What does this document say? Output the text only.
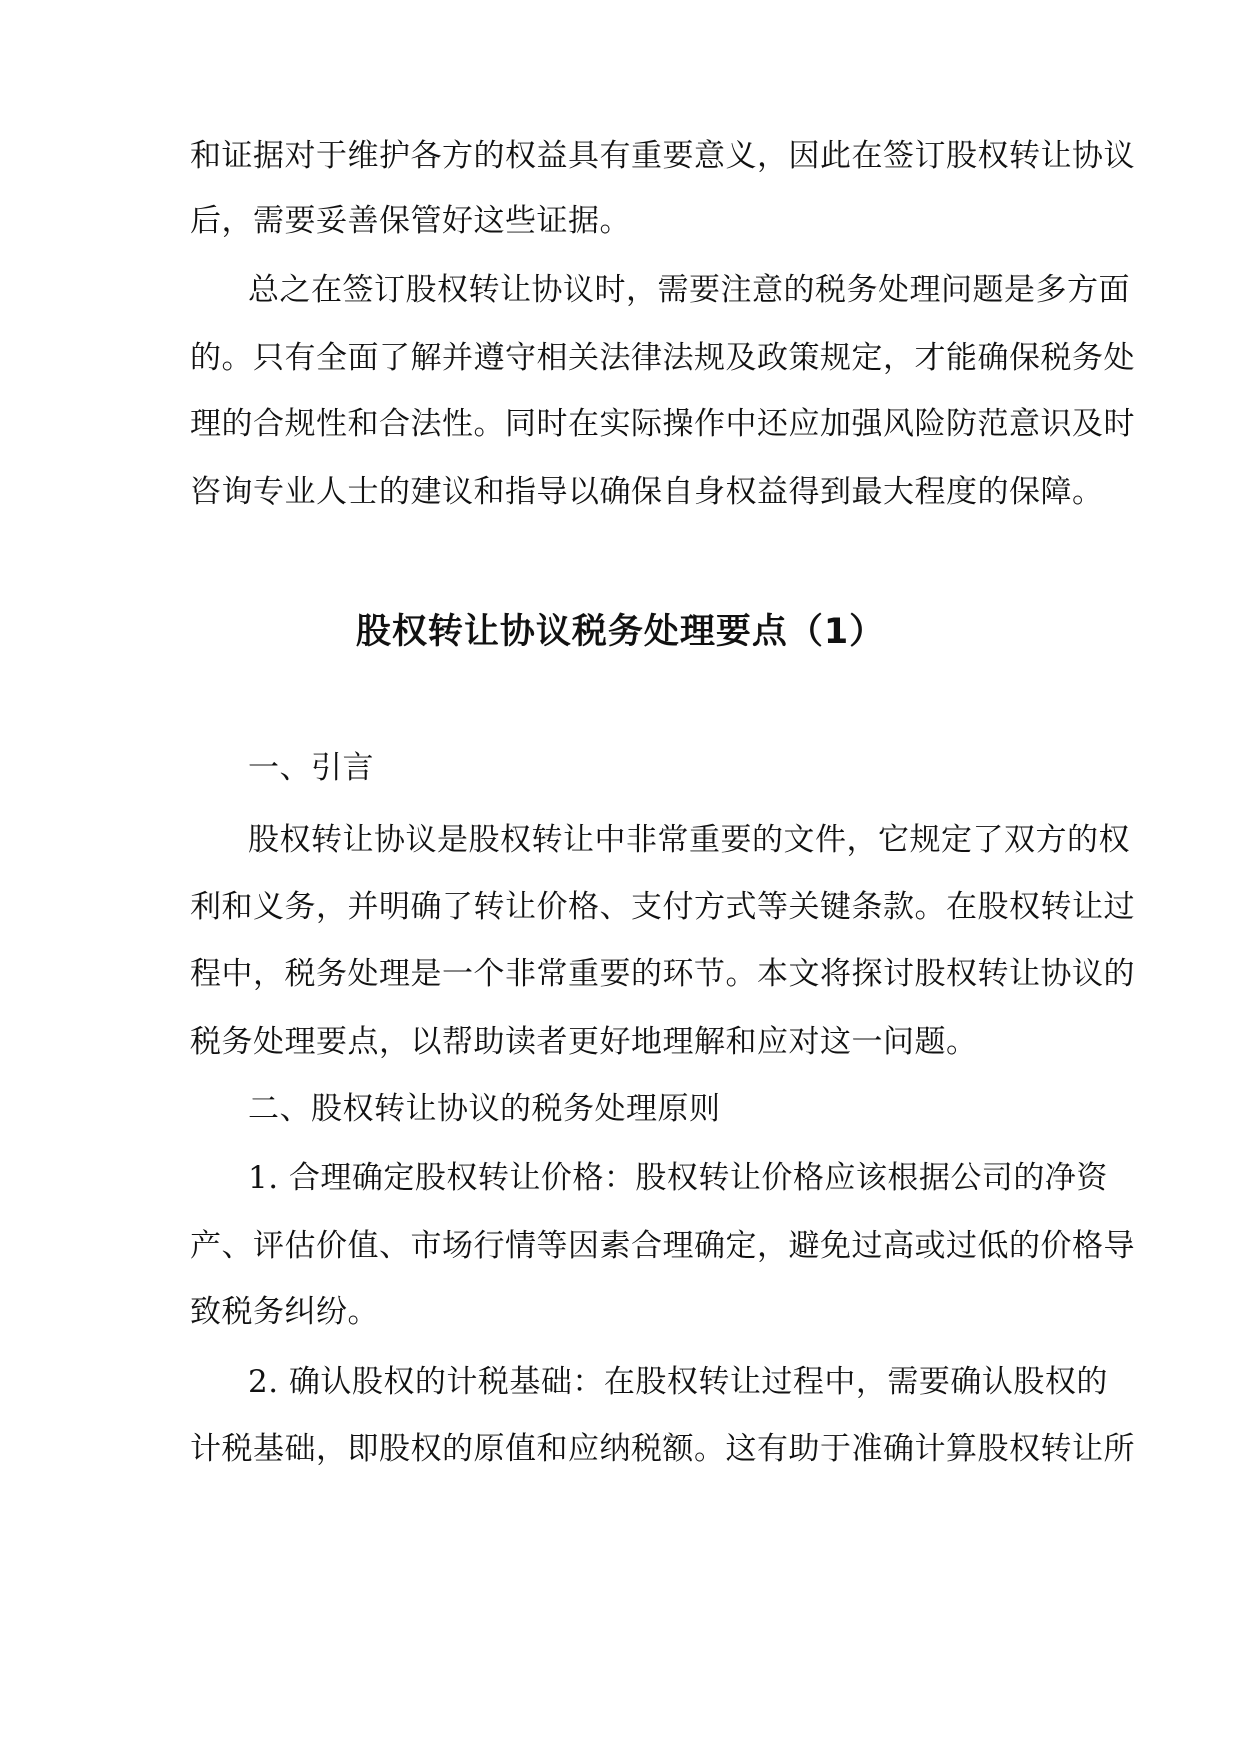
和证据对于维护各方的权益具有重要意义，因此在签订股权转让协议
后，需要妥善保管好这些证据。
总之在签订股权转让协议时，需要注意的税务处理问题是多方面
的。只有全面了解并遵守相关法律法规及政策规定，才能确保税务处
理的合规性和合法性。同时在实际操作中还应加强风险防范意识及时
咨询专业人士的建议和指导以确保自身权益得到最大程度的保障。
股权转让协议税务处理要点（1）
一、引言
股权转让协议是股权转让中非常重要的文件，它规定了双方的权
利和义务，并明确了转让价格、支付方式等关键条款。在股权转让过
程中，税务处理是一个非常重要的环节。本文将探讨股权转让协议的
税务处理要点，以帮助读者更好地理解和应对这一问题。
二、股权转让协议的税务处理原则
1. 合理确定股权转让价格：股权转让价格应该根据公司的净资
产、评估价值、市场行情等因素合理确定，避免过高或过低的价格导
致税务纠纷。
2. 确认股权的计税基础：在股权转让过程中，需要确认股权的
计税基础，即股权的原值和应纳税额。这有助于准确计算股权转让所
